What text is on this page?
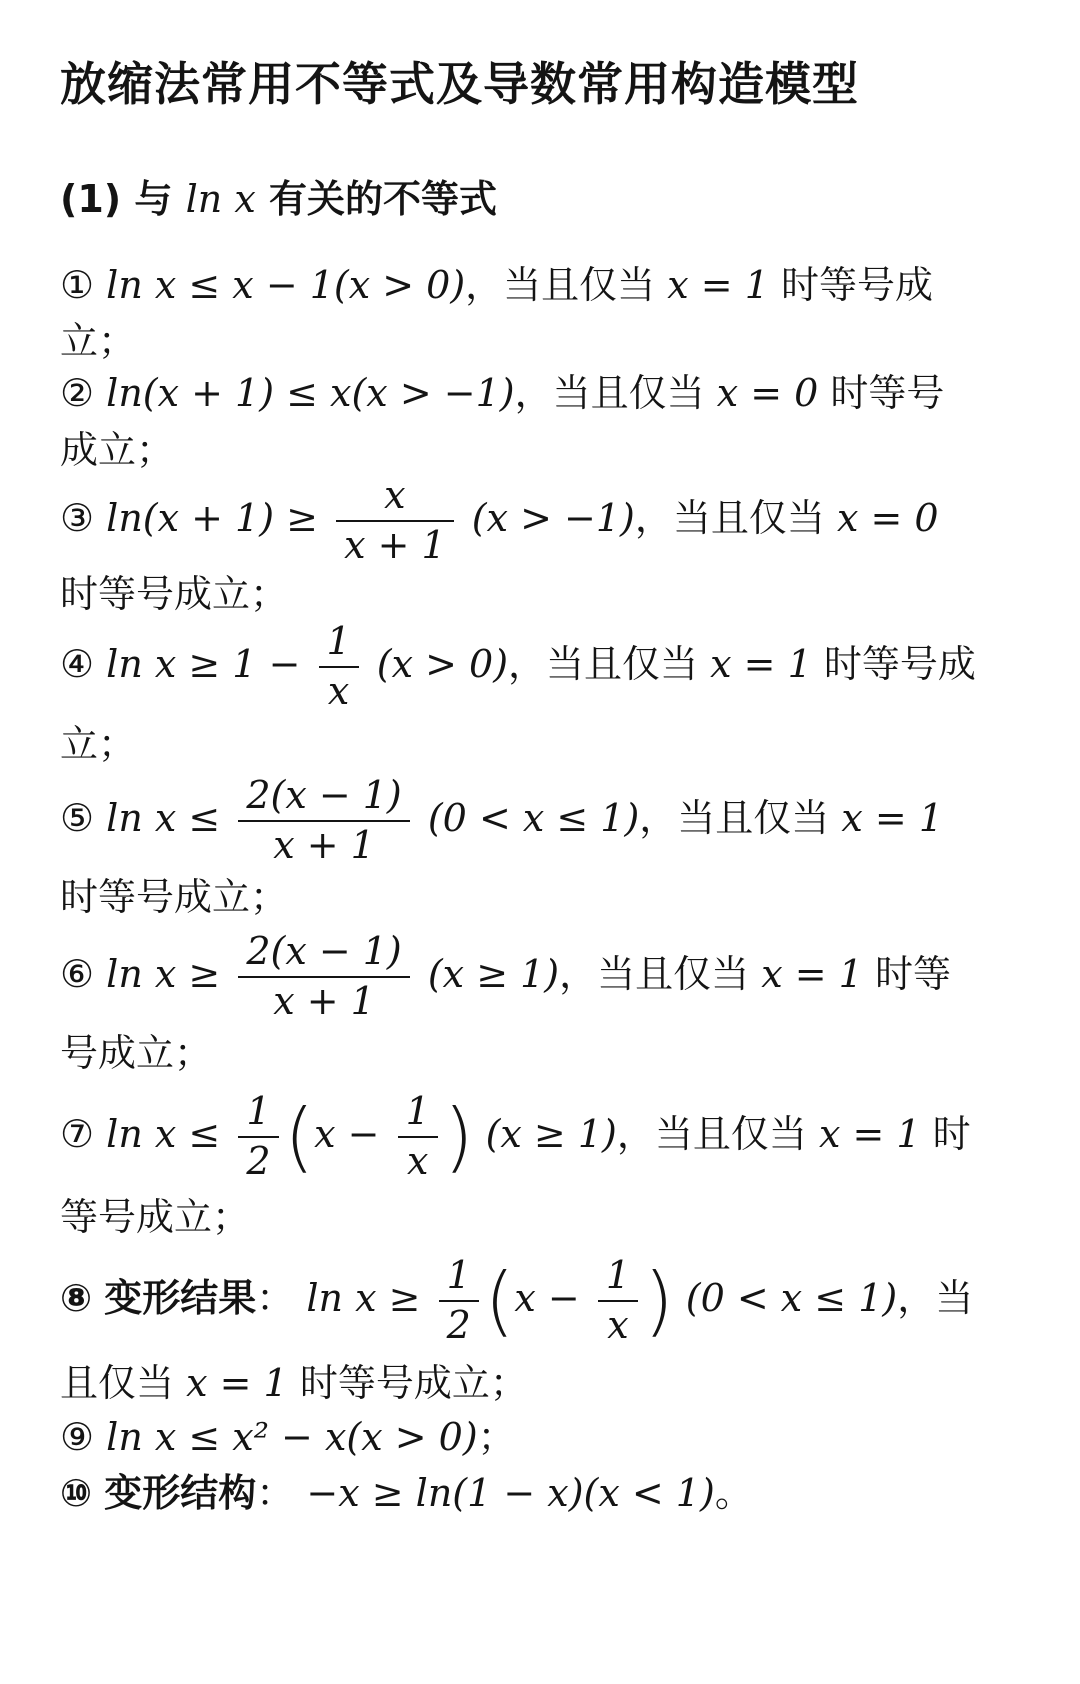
放缩法常用不等式及导数常用构造模型
(1) 与 ln x 有关的不等式
① ln x ≤ x − 1(x > 0)，当且仅当 x = 1 时等号成
立；
② ln(x + 1) ≤ x(x > −1)，当且仅当 x = 0 时等号
成立；
③ $\ln(x + 1) \ge \frac{x}{x + 1} (x > -1)$，当且仅当 x = 0
时等号成立；
④ $\ln x \ge 1 - \frac{1}{x} (x > 0)$，当且仅当 x = 1 时等号成
立；
⑤ $\ln x \le \frac{2(x - 1)}{x + 1} (0 < x \le 1)$，当且仅当 x = 1
时等号成立；
⑥ $\ln x \ge \frac{2(x - 1)}{x + 1} (x \ge 1)$，当且仅当 x = 1 时等
号成立；
⑦ $\ln x \le \frac{1}{2} (x - \frac{1}{x}$ ) (x ≥ 1)，当且仅当 x = 1 时
等号成立；
⑧ 变形结果： $\ln x \ge \frac{1}{2} (x - \frac{1}{x}$ ) (0 < x ≤ 1)，当
且仅当 x = 1 时等号成立；
⑨ ln x ≤ x² − x(x > 0)；
⑩ 变形结构： −x ≥ ln(1 − x)(x < 1)。
